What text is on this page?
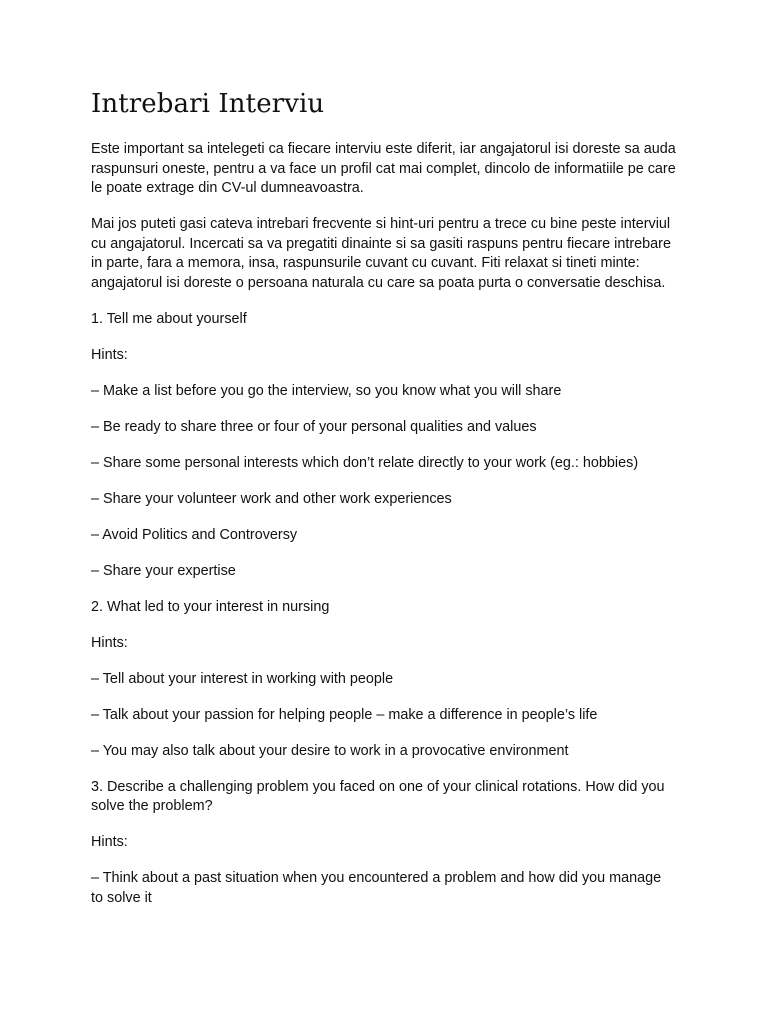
Intrebari Interviu

Este important sa intelegeti ca fiecare interviu este diferit, iar angajatorul isi doreste sa auda raspunsuri oneste, pentru a va face un profil cat mai complet, dincolo de informatiile pe care le poate extrage din CV-ul dumneavoastra.

Mai jos puteti gasi cateva intrebari frecvente si hint-uri pentru a trece cu bine peste interviul cu angajatorul. Incercati sa va pregatiti dinainte si sa gasiti raspuns pentru fiecare intrebare in parte, fara a memora, insa, raspunsurile cuvant cu cuvant. Fiti relaxat si tineti minte: angajatorul isi doreste o persoana naturala cu care sa poata purta o conversatie deschisa.

1. Tell me about yourself

Hints:

– Make a list before you go the interview, so you know what you will share

– Be ready to share three or four of your personal qualities and values

– Share some personal interests which don’t relate directly to your work (eg.: hobbies)

– Share your volunteer work and other work experiences

– Avoid Politics and Controversy

– Share your expertise

2. What led to your interest in nursing

Hints:

– Tell about your interest in working with people

– Talk about your passion for helping people – make a difference in people’s life

– You may also talk about your desire to work in a provocative environment

3. Describe a challenging problem you faced on one of your clinical rotations. How did you solve the problem?

Hints:

– Think about a past situation when you encountered a problem and how did you manage to solve it
